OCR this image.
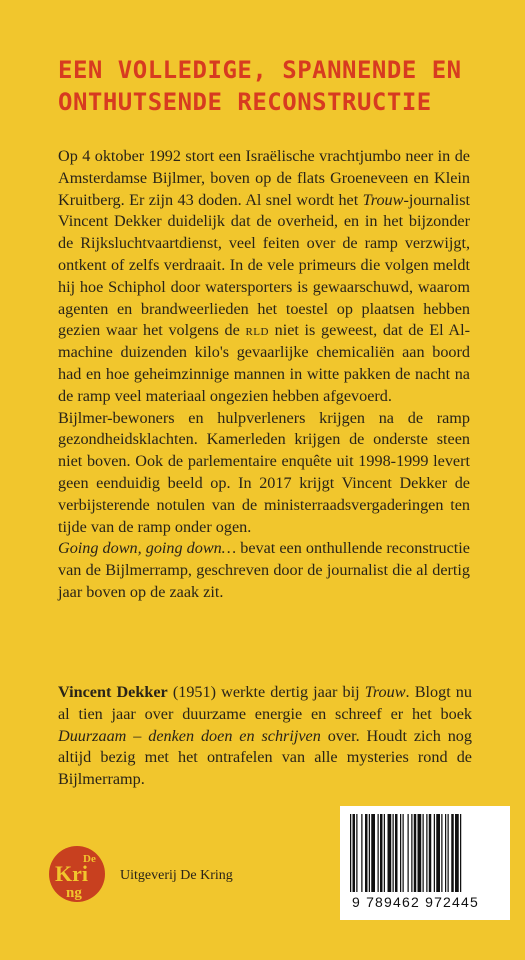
EEN VOLLEDIGE, SPANNENDE EN
ONTHUTSENDE RECONSTRUCTIE

Op 4 oktober 1992 stort een Israëlische vrachtjumbo neer in de Amsterdamse Bijlmer, boven op de flats Groeneveen en Klein Kruitberg. Er zijn 43 doden. Al snel wordt het Trouw-journalist Vincent Dekker duidelijk dat de overheid, en in het bijzonder de Rijksluchtvaartdienst, veel feiten over de ramp verzwijgt, ontkent of zelfs verdraait. In de vele primeurs die volgen meldt hij hoe Schiphol door watersporters is gewaarschuwd, waarom agenten en brandweerlieden het toestel op plaatsen hebben gezien waar het volgens de rld niet is geweest, dat de El Al-machine duizenden kilo's gevaarlijke chemicaliën aan boord had en hoe geheimzinnige mannen in witte pakken de nacht na de ramp veel materiaal ongezien hebben afgevoerd.

Bijlmer-bewoners en hulpverleners krijgen na de ramp gezondheidsklachten. Kamerleden krijgen de onderste steen niet boven. Ook de parlementaire enquête uit 1998-1999 levert geen eenduidig beeld op. In 2017 krijgt Vincent Dekker de verbijsterende notulen van de ministerraadsvergaderingen ten tijde van de ramp onder ogen.

Going down, going down… bevat een onthullende reconstructie van de Bijlmerramp, geschreven door de journalist die al dertig jaar boven op de zaak zit.

Vincent Dekker (1951) werkte dertig jaar bij Trouw. Blogt nu al tien jaar over duurzame energie en schreef er het boek Duurzaam – denken doen en schrijven over. Houdt zich nog altijd bezig met het ontrafelen van alle mysteries rond de Bijlmerramp.

De
Kri
ng
Uitgeverij De Kring
9 789462 972445
